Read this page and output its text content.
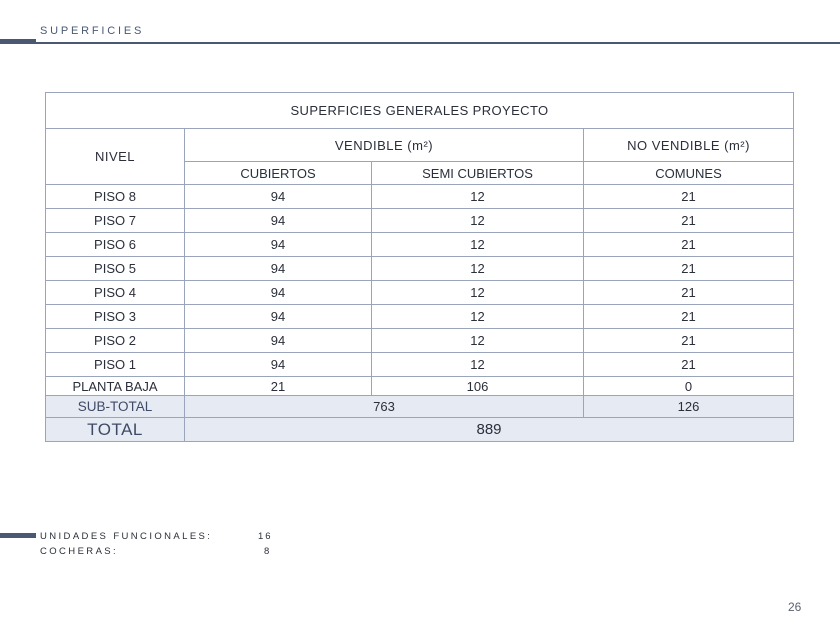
SUPERFICIES
SUPERFICIES GENERALES PROYECTO			
NIVEL	VENDIBLE (m²)		NO VENDIBLE (m²)
	CUBIERTOS	SEMI CUBIERTOS	COMUNES
PISO 8	94	12	21
PISO 7	94	12	21
PISO 6	94	12	21
PISO 5	94	12	21
PISO 4	94	12	21
PISO 3	94	12	21
PISO 2	94	12	21
PISO 1	94	12	21
PLANTA BAJA	21	106	0
SUB-TOTAL	763		126
TOTAL	889		
UNIDADES FUNCIONALES:	16
COCHERAS:	8
26
